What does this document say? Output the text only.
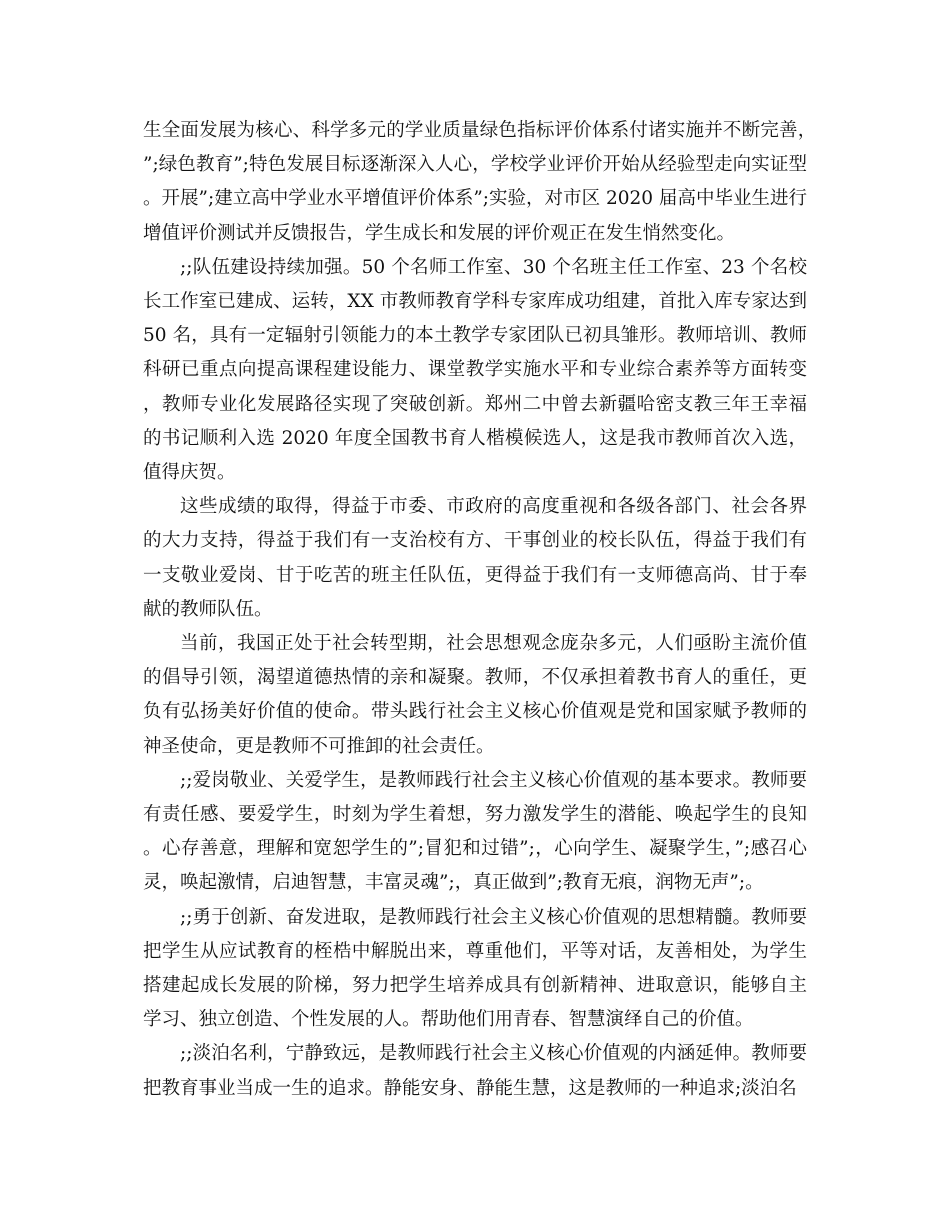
生全面发展为核心、科学多元的学业质量绿色指标评价体系付诸实施并不断完善，”;绿色教育”;特色发展目标逐渐深入人心，学校学业评价开始从经验型走向实证型。开展”;建立高中学业水平增值评价体系”;实验，对市区 2020 届高中毕业生进行增值评价测试并反馈报告，学生成长和发展的评价观正在发生悄然变化。

;;队伍建设持续加强。50 个名师工作室、30 个名班主任工作室、23 个名校长工作室已建成、运转，XX 市教师教育学科专家库成功组建，首批入库专家达到 50 名，具有一定辐射引领能力的本土教学专家团队已初具雏形。教师培训、教师科研已重点向提高课程建设能力、课堂教学实施水平和专业综合素养等方面转变，教师专业化发展路径实现了突破创新。郑州二中曾去新疆哈密支教三年王幸福的书记顺利入选 2020 年度全国教书育人楷模候选人，这是我市教师首次入选，值得庆贺。

这些成绩的取得，得益于市委、市政府的高度重视和各级各部门、社会各界的大力支持，得益于我们有一支治校有方、干事创业的校长队伍，得益于我们有一支敬业爱岗、甘于吃苦的班主任队伍，更得益于我们有一支师德高尚、甘于奉献的教师队伍。

当前，我国正处于社会转型期，社会思想观念庞杂多元，人们亟盼主流价值的倡导引领，渴望道德热情的亲和凝聚。教师，不仅承担着教书育人的重任，更负有弘扬美好价值的使命。带头践行社会主义核心价值观是党和国家赋予教师的神圣使命，更是教师不可推卸的社会责任。

;;爱岗敬业、关爱学生，是教师践行社会主义核心价值观的基本要求。教师要有责任感、要爱学生，时刻为学生着想，努力激发学生的潜能、唤起学生的良知。心存善意，理解和宽恕学生的”;冒犯和过错”;，心向学生、凝聚学生，”;感召心灵，唤起激情，启迪智慧，丰富灵魂”;，真正做到”;教育无痕，润物无声”;。

;;勇于创新、奋发进取，是教师践行社会主义核心价值观的思想精髓。教师要把学生从应试教育的桎梏中解脱出来，尊重他们，平等对话，友善相处，为学生搭建起成长发展的阶梯，努力把学生培养成具有创新精神、进取意识，能够自主学习、独立创造、个性发展的人。帮助他们用青春、智慧演绎自己的价值。

;;淡泊名利，宁静致远，是教师践行社会主义核心价值观的内涵延伸。教师要把教育事业当成一生的追求。静能安身、静能生慧，这是教师的一种追求;淡泊名
